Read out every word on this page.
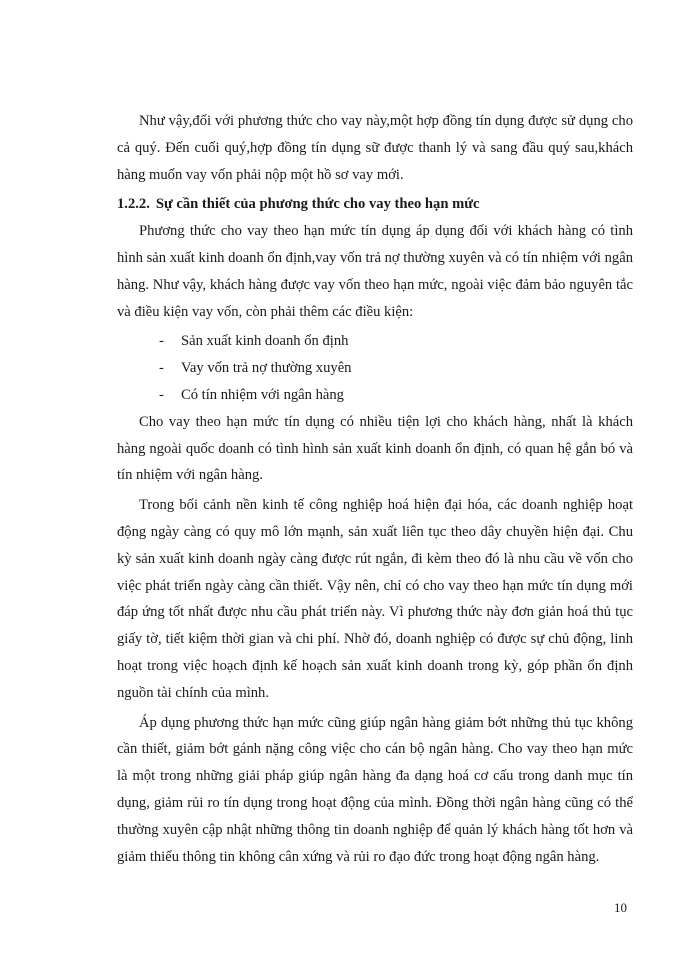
Như vậy,đối với phương thức cho vay này,một hợp đồng tín dụng được sử dụng cho cả quý. Đến cuối quý,hợp đồng tín dụng sữ được thanh lý và sang đầu quý sau,khách hàng muốn vay vốn phải nộp một hồ sơ vay mới.

1.2.2. Sự cần thiết của phương thức cho vay theo hạn mức

Phương thức cho vay theo hạn mức tín dụng áp dụng đối với khách hàng có tình hình sản xuất kinh doanh ổn định,vay vốn trả nợ thường xuyên và có tín nhiệm với ngân hàng. Như vậy, khách hàng được vay vốn theo hạn mức, ngoài việc đảm bảo nguyên tắc và điều kiện vay vốn, còn phải thêm các điều kiện:

- Sản xuất kinh doanh ổn định
- Vay vốn trả nợ thường xuyên
- Có tín nhiệm với ngân hàng

Cho vay theo hạn mức tín dụng có nhiều tiện lợi cho khách hàng, nhất là khách hàng ngoài quốc doanh có tình hình sản xuất kinh doanh ổn định, có quan hệ gắn bó và tín nhiệm với ngân hàng.

Trong bối cảnh nền kinh tế công nghiệp hoá hiện đại hóa, các doanh nghiệp hoạt động ngày càng có quy mô lớn mạnh, sản xuất liên tục theo dây chuyền hiện đại. Chu kỳ sản xuất kinh doanh ngày càng được rút ngắn, đi kèm theo đó là nhu cầu về vốn cho việc phát triển ngày càng cần thiết. Vậy nên, chỉ có cho vay theo hạn mức tín dụng mới đáp ứng tốt nhất được nhu cầu phát triển này. Vì phương thức này đơn giản hoá thủ tục giấy tờ, tiết kiệm thời gian và chi phí. Nhờ đó, doanh nghiệp có được sự chủ động, linh hoạt trong việc hoạch định kế hoạch sản xuất kinh doanh trong kỳ, góp phần ổn định nguồn tài chính của mình.

Áp dụng phương thức hạn mức cũng giúp ngân hàng giảm bớt những thủ tục không cần thiết, giảm bớt gánh nặng công việc cho cán bộ ngân hàng. Cho vay theo hạn mức là một trong những giải pháp giúp ngân hàng đa dạng hoá cơ cấu trong danh mục tín dụng, giảm rủi ro tín dụng trong hoạt động của mình. Đồng thời ngân hàng cũng có thể thường xuyên cập nhật những thông tin doanh nghiệp để quản lý khách hàng tốt hơn và giảm thiểu thông tin không cân xứng và rủi ro đạo đức trong hoạt động ngân hàng.

10
